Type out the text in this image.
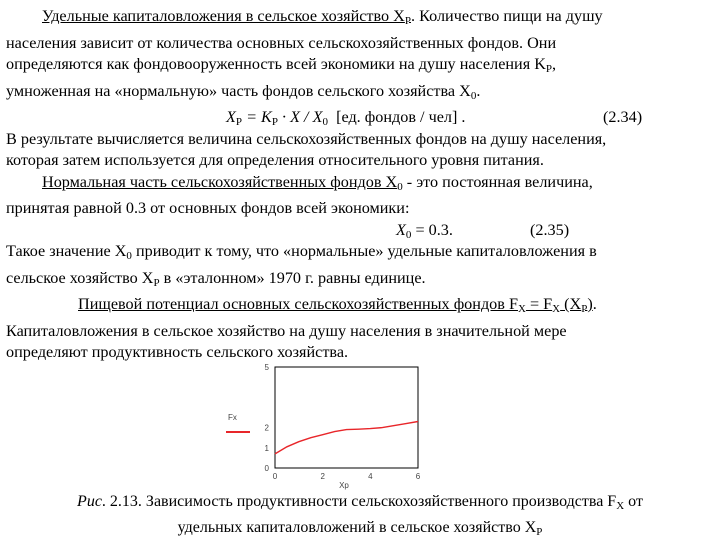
Удельные капиталовложения в сельское хозяйство $X_P$. Количество пищи на душу
населения зависит от количества основных сельскохозяйственных фондов. Они
определяются как фондовооруженность всей экономики на душу населения $K_P$,
умноженная на «нормальную» часть фондов сельского хозяйства $X_0$.

$X_P = K_P \cdot X / X_0$  [ед. фондов / чел] .	(2.34)

В результате вычисляется величина сельскохозяйственных фондов на душу населения,
которая затем используется для определения относительного уровня питания.

Нормальная часть сельскохозяйственных фондов $X_0$ - это постоянная величина,
принятая равной 0.3 от основных фондов всей экономики:

$X_0 = 0.3$.	(2.35)

Такое значение $X_0$ приводит к тому, что «нормальные» удельные капиталовложения в
сельское хозяйство $X_P$ в «эталонном» 1970 г. равны единице.

Пищевой потенциал основных сельскохозяйственных фондов $F_X = F_X$ $(X_P)$.
Капиталовложения в сельское хозяйство на душу населения в значительной мере
определяют продуктивность сельского хозяйства.

0
1
2
5
0	2	4	6
Fx
Xp
Рис. 2.13. Зависимость продуктивности сельскохозяйственного производства $F_X$ от
удельных капиталовложений в сельское хозяйство $X_P$
